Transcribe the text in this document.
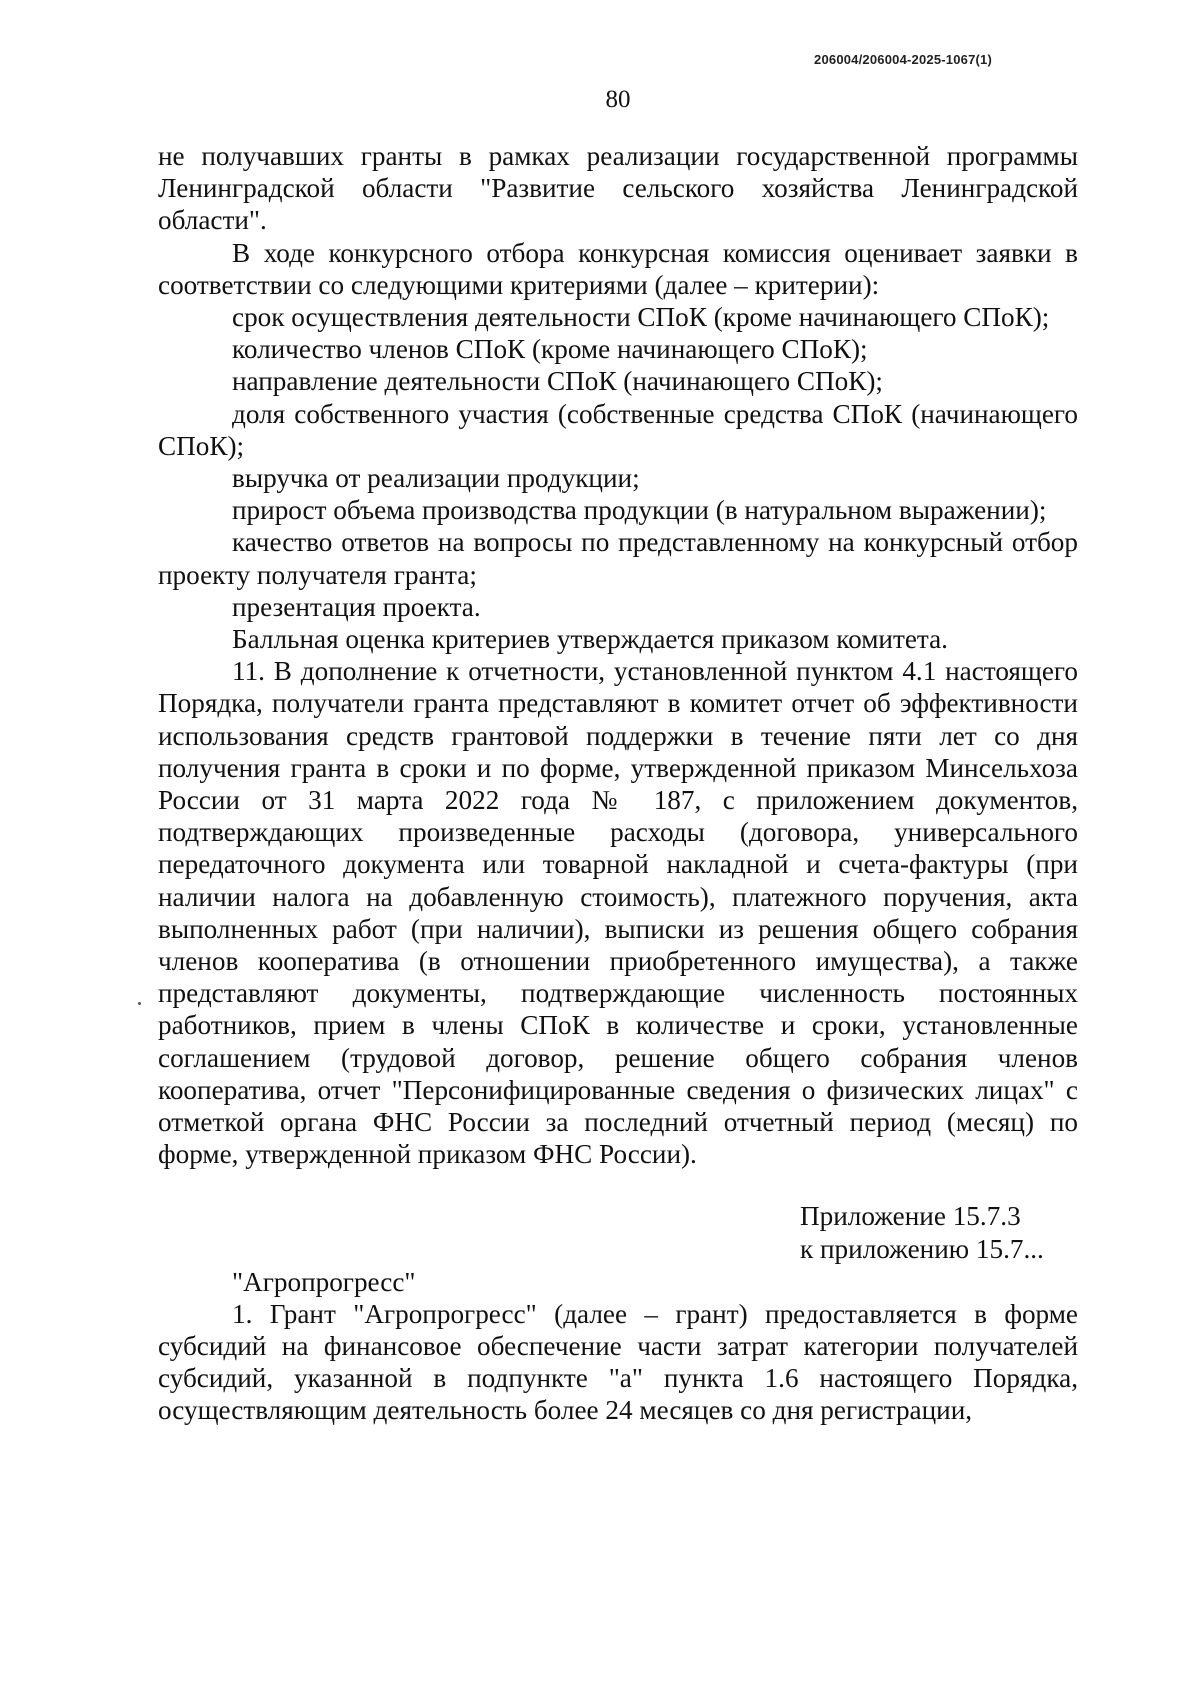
206004/206004-2025-1067(1)
80

не получавших гранты в рамках реализации государственной программы Ленинградской области "Развитие сельского хозяйства Ленинградской области".

В ходе конкурсного отбора конкурсная комиссия оценивает заявки в соответствии со следующими критериями (далее – критерии):

срок осуществления деятельности СПоК (кроме начинающего СПоК);

количество членов СПоК (кроме начинающего СПоК);

направление деятельности СПоК (начинающего СПоК);

доля собственного участия (собственные средства СПоК (начинающего СПоК);

выручка от реализации продукции;

прирост объема производства продукции (в натуральном выражении);

качество ответов на вопросы по представленному на конкурсный отбор проекту получателя гранта;

презентация проекта.

Балльная оценка критериев утверждается приказом комитета.

11. В дополнение к отчетности, установленной пунктом 4.1 настоящего Порядка, получатели гранта представляют в комитет отчет об эффективности использования средств грантовой поддержки в течение пяти лет со дня получения гранта в сроки и по форме, утвержденной приказом Минсельхоза России от 31 марта 2022 года № 187, с приложением документов, подтверждающих произведенные расходы (договора, универсального передаточного документа или товарной накладной и счета-фактуры (при наличии налога на добавленную стоимость), платежного поручения, акта выполненных работ (при наличии), выписки из решения общего собрания членов кооператива (в отношении приобретенного имущества), а также представляют документы, подтверждающие численность постоянных работников, прием в члены СПоК в количестве и сроки, установленные соглашением (трудовой договор, решение общего собрания членов кооператива, отчет "Персонифицированные сведения о физических лицах" с отметкой органа ФНС России за последний отчетный период (месяц) по форме, утвержденной приказом ФНС России).

Приложение 15.7.3
к приложению 15.7...

"Агропрогресс"

1. Грант "Агропрогресс" (далее – грант) предоставляется в форме субсидий на финансовое обеспечение части затрат категории получателей субсидий, указанной в подпункте "а" пункта 1.6 настоящего Порядка, осуществляющим деятельность более 24 месяцев со дня регистрации,
